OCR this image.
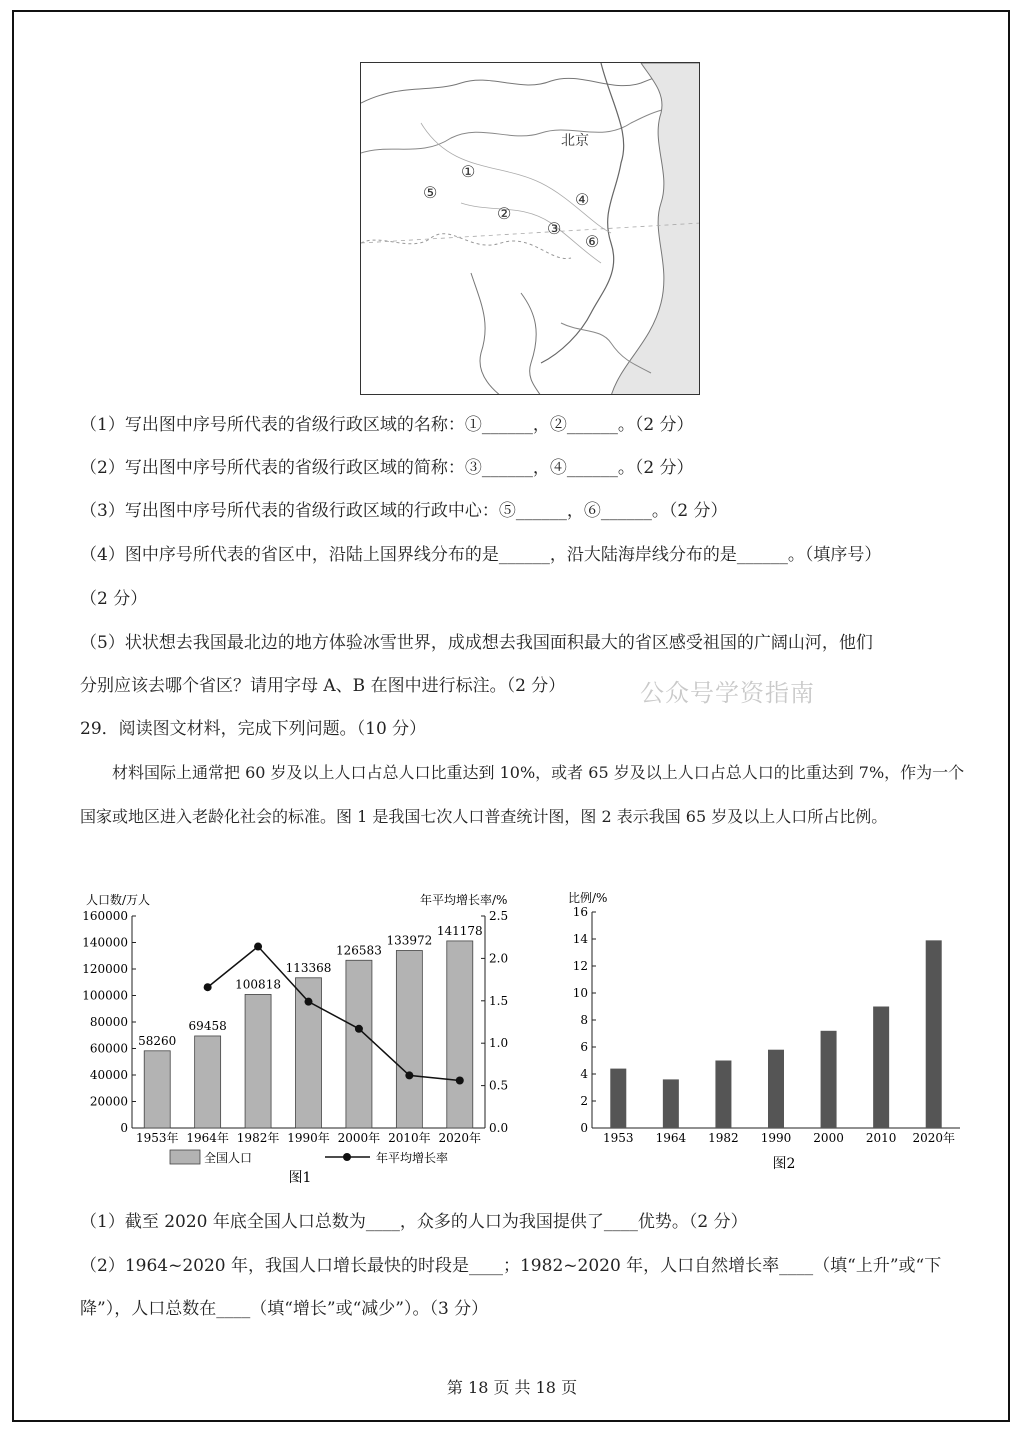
北京
①
②
③
④
⑤
⑥
（1）写出图中序号所代表的省级行政区域的名称：①______，②______。（2 分）
（2）写出图中序号所代表的省级行政区域的简称：③______，④______。（2 分）
（3）写出图中序号所代表的省级行政区域的行政中心：⑤______，⑥______。（2 分）
（4）图中序号所代表的省区中，沿陆上国界线分布的是______，沿大陆海岸线分布的是______。（填序号）
（2 分）
（5）状状想去我国最北边的地方体验冰雪世界，成成想去我国面积最大的省区感受祖国的广阔山河，他们
分别应该去哪个省区？请用字母 A、B 在图中进行标注。（2 分）	公众号学资指南
29．阅读图文材料，完成下列问题。（10 分）
材料国际上通常把 60 岁及以上人口占总人口比重达到 10%，或者 65 岁及以上人口占总人口的比重达到 7%，作为一个国家或地区进入老龄化社会的标准。图 1 是我国七次人口普查统计图，图 2 表示我国 65 岁及以上人口所占比例。
人口数/万人	年平均增长率/%
160000
140000
120000
100000
80000
60000
40000
20000
0
2.5
2.0
1.5
1.0
0.5
0.0
58260
1953年
69458
1964年
100818
1982年
113368
1990年
126583
2000年
133972
2010年
141178
2020年
全国人口	年平均增长率
图1
比例/%
16
14
12
10
8
6
4
2
0
1953 1964 1982 1990 2000 2010 2020年
图2
（1）截至 2020 年底全国人口总数为____，众多的人口为我国提供了____优势。（2 分）
（2）1964~2020 年，我国人口增长最快的时段是____；1982~2020 年，人口自然增长率____（填“上升”或“下
降”），人口总数在____（填“增长”或“减少”）。（3 分）
第 18 页 共 18 页
